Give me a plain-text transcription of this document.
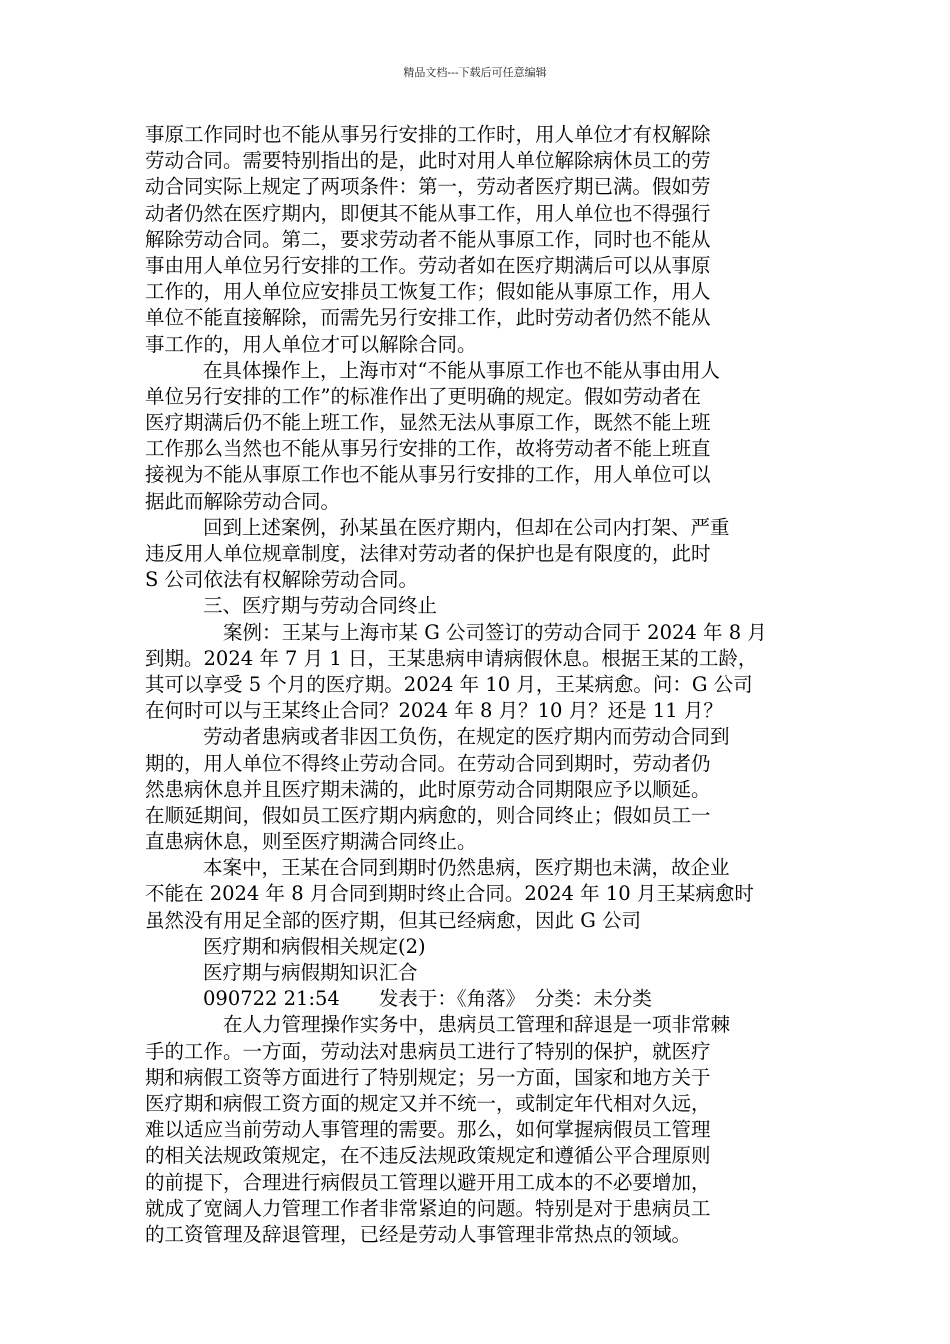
精品文档---下载后可任意编辑
事原工作同时也不能从事另行安排的工作时，用人单位才有权解除
劳动合同。需要特别指出的是，此时对用人单位解除病休员工的劳
动合同实际上规定了两项条件：第一，劳动者医疗期已满。假如劳
动者仍然在医疗期内，即便其不能从事工作，用人单位也不得强行
解除劳动合同。第二，要求劳动者不能从事原工作，同时也不能从
事由用人单位另行安排的工作。劳动者如在医疗期满后可以从事原
工作的，用人单位应安排员工恢复工作；假如能从事原工作，用人
单位不能直接解除，而需先另行安排工作，此时劳动者仍然不能从
事工作的，用人单位才可以解除合同。
在具体操作上，上海市对“不能从事原工作也不能从事由用人
单位另行安排的工作”的标准作出了更明确的规定。假如劳动者在
医疗期满后仍不能上班工作，显然无法从事原工作，既然不能上班
工作那么当然也不能从事另行安排的工作，故将劳动者不能上班直
接视为不能从事原工作也不能从事另行安排的工作，用人单位可以
据此而解除劳动合同。
回到上述案例，孙某虽在医疗期内，但却在公司内打架、严重
违反用人单位规章制度，法律对劳动者的保护也是有限度的，此时
S 公司依法有权解除劳动合同。
三、医疗期与劳动合同终止
案例：王某与上海市某 G 公司签订的劳动合同于 2024 年 8 月
到期。2024 年 7 月 1 日，王某患病申请病假休息。根据王某的工龄，
其可以享受 5 个月的医疗期。2024 年 10 月，王某病愈。问：G 公司
在何时可以与王某终止合同？2024 年 8 月？10 月？还是 11 月？
劳动者患病或者非因工负伤，在规定的医疗期内而劳动合同到
期的，用人单位不得终止劳动合同。在劳动合同到期时，劳动者仍
然患病休息并且医疗期未满的，此时原劳动合同期限应予以顺延。
在顺延期间，假如员工医疗期内病愈的，则合同终止；假如员工一
直患病休息，则至医疗期满合同终止。
本案中，王某在合同到期时仍然患病，医疗期也未满，故企业
不能在 2024 年 8 月合同到期时终止合同。2024 年 10 月王某病愈时
虽然没有用足全部的医疗期，但其已经病愈，因此 G 公司
医疗期和病假相关规定(2)
医疗期与病假期知识汇合
090722 21:54　　发表于：《角落》　分类：未分类
在人力管理操作实务中，患病员工管理和辞退是一项非常棘
手的工作。一方面，劳动法对患病员工进行了特别的保护，就医疗
期和病假工资等方面进行了特别规定；另一方面，国家和地方关于
医疗期和病假工资方面的规定又并不统一，或制定年代相对久远，
难以适应当前劳动人事管理的需要。那么，如何掌握病假员工管理
的相关法规政策规定，在不违反法规政策规定和遵循公平合理原则
的前提下，合理进行病假员工管理以避开用工成本的不必要增加，
就成了宽阔人力管理工作者非常紧迫的问题。特别是对于患病员工
的工资管理及辞退管理，已经是劳动人事管理非常热点的领域。
